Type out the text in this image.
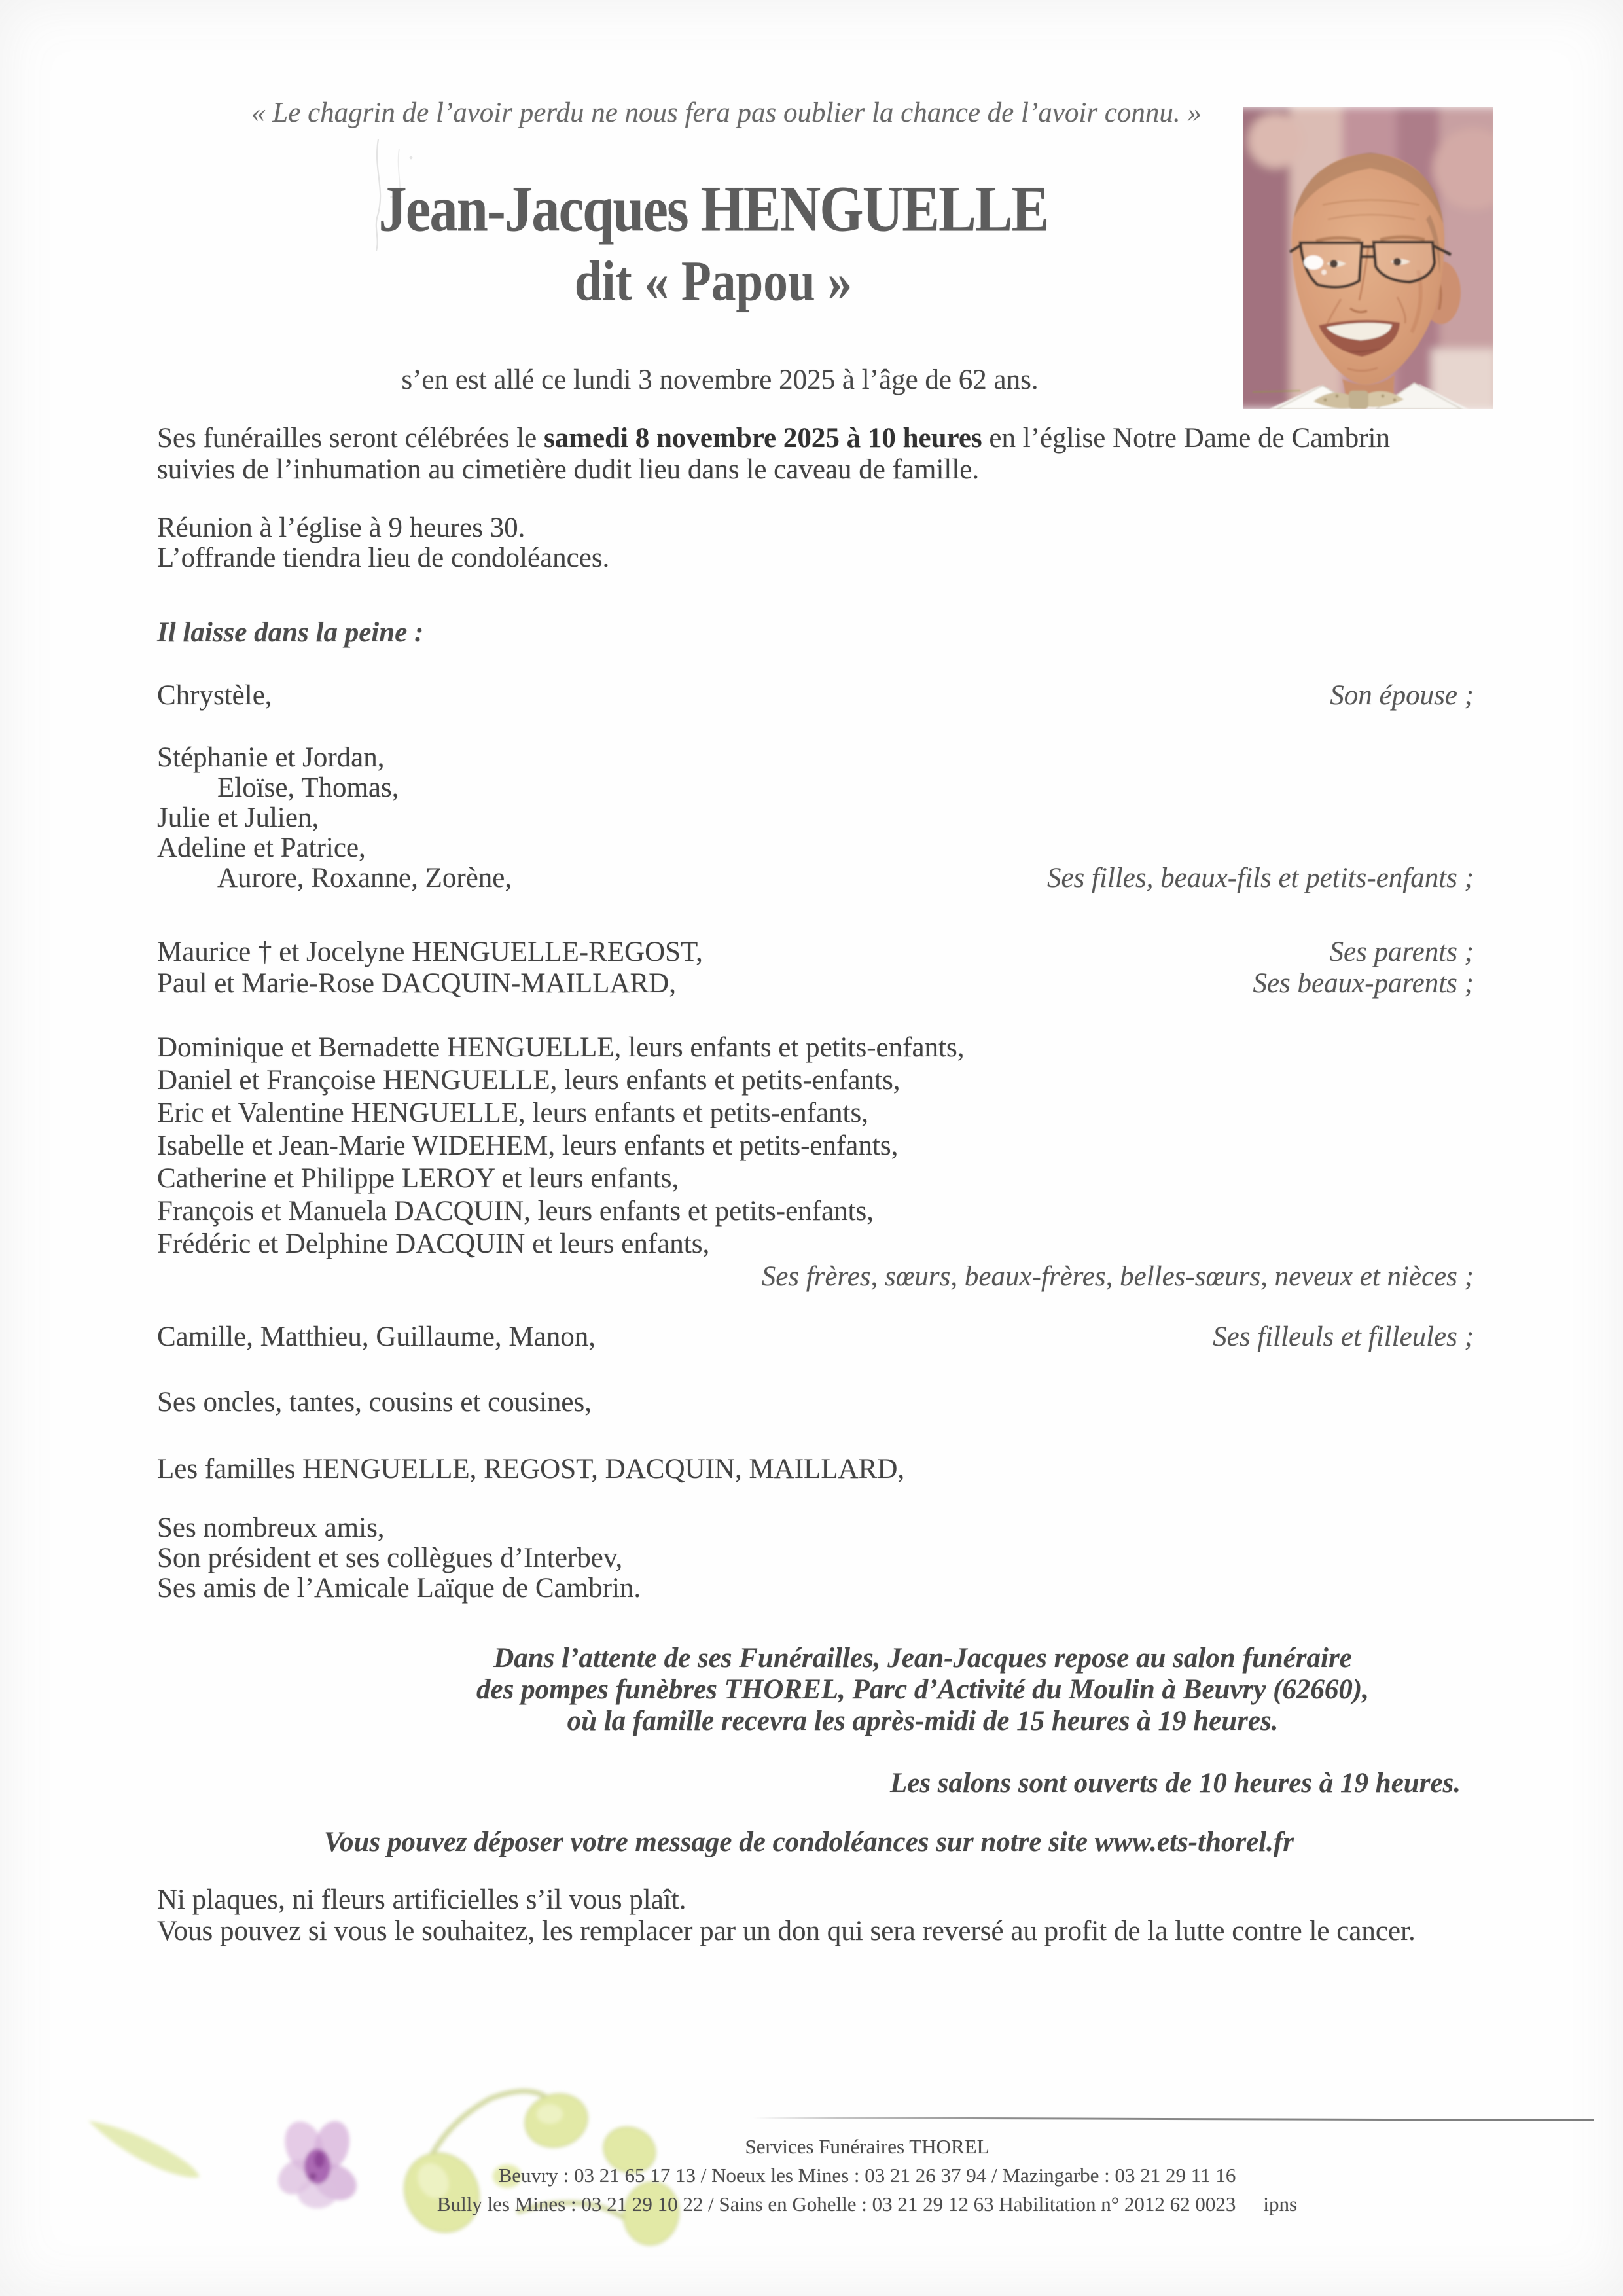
« Le chagrin de l’avoir perdu ne nous fera pas oublier la chance de l’avoir connu. »
Jean-Jacques HENGUELLE
dit « Papou »
s’en est allé ce lundi 3 novembre 2025 à l’âge de 62 ans.
Ses funérailles seront célébrées le samedi 8 novembre 2025 à 10 heures en l’église Notre Dame de Cambrin
suivies de l’inhumation au cimetière dudit lieu dans le caveau de famille.
Réunion à l’église à 9 heures 30.
L’offrande tiendra lieu de condoléances.
Il laisse dans la peine :
Chrystèle,	Son épouse ;
Stéphanie et Jordan,
Eloïse, Thomas,
Julie et Julien,
Adeline et Patrice,
Aurore, Roxanne, Zorène,	Ses filles, beaux-fils et petits-enfants ;
Maurice † et Jocelyne HENGUELLE-REGOST,	Ses parents ;
Paul et Marie-Rose DACQUIN-MAILLARD,	Ses beaux-parents ;
Dominique et Bernadette HENGUELLE, leurs enfants et petits-enfants,
Daniel et Françoise HENGUELLE, leurs enfants et petits-enfants,
Eric et Valentine HENGUELLE, leurs enfants et petits-enfants,
Isabelle et Jean-Marie WIDEHEM, leurs enfants et petits-enfants,
Catherine et Philippe LEROY et leurs enfants,
François et Manuela DACQUIN, leurs enfants et petits-enfants,
Frédéric et Delphine DACQUIN et leurs enfants,
Ses frères, sœurs, beaux-frères, belles-sœurs, neveux et nièces ;
Camille, Matthieu, Guillaume, Manon,	Ses filleuls et filleules ;
Ses oncles, tantes, cousins et cousines,
Les familles HENGUELLE, REGOST, DACQUIN, MAILLARD,
Ses nombreux amis,
Son président et ses collègues d’Interbev,
Ses amis de l’Amicale Laïque de Cambrin.
Dans l’attente de ses Funérailles, Jean-Jacques repose au salon funéraire
des pompes funèbres THOREL, Parc d’Activité du Moulin à Beuvry (62660),
où la famille recevra les après-midi de 15 heures à 19 heures.
Les salons sont ouverts de 10 heures à 19 heures.
Vous pouvez déposer votre message de condoléances sur notre site www.ets-thorel.fr
Ni plaques, ni fleurs artificielles s’il vous plaît.
Vous pouvez si vous le souhaitez, les remplacer par un don qui sera reversé au profit de la lutte contre le cancer.
Services Funéraires THOREL
Beuvry : 03 21 65 17 13 / Noeux les Mines : 03 21 26 37 94 / Mazingarbe : 03 21 29 11 16
Bully les Mines : 03 21 29 10 22 / Sains en Gohelle : 03 21 29 12 63 Habilitation n° 2012 62 0023 ipns
